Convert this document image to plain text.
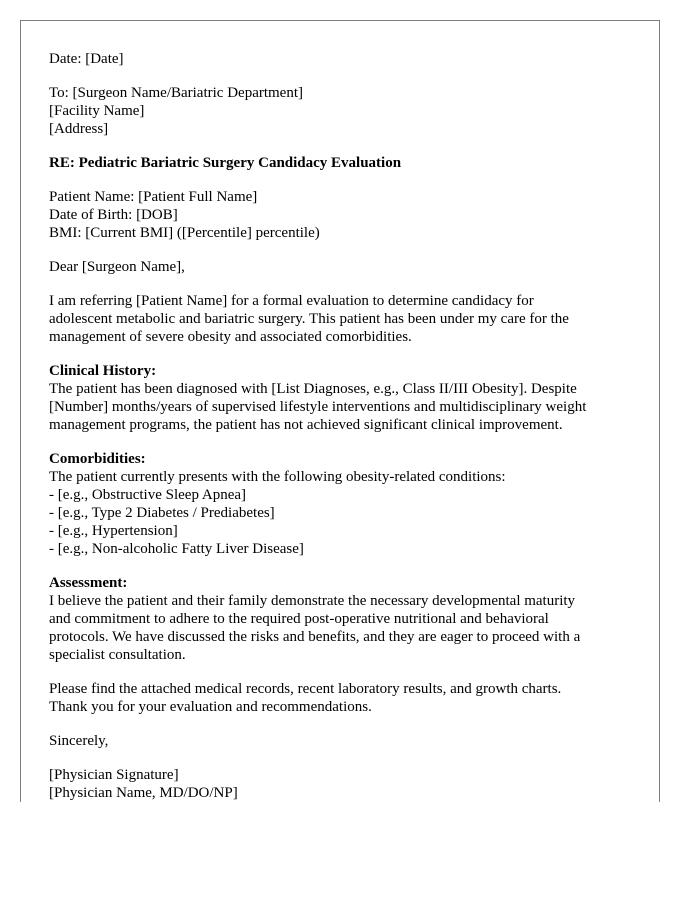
Date: [Date]
To: [Surgeon Name/Bariatric Department]
[Facility Name]
[Address]
RE: Pediatric Bariatric Surgery Candidacy Evaluation
Patient Name: [Patient Full Name]
Date of Birth: [DOB]
BMI: [Current BMI] ([Percentile] percentile)
Dear [Surgeon Name],
I am referring [Patient Name] for a formal evaluation to determine candidacy for
adolescent metabolic and bariatric surgery. This patient has been under my care for the
management of severe obesity and associated comorbidities.
Clinical History:
The patient has been diagnosed with [List Diagnoses, e.g., Class II/III Obesity]. Despite
[Number] months/years of supervised lifestyle interventions and multidisciplinary weight
management programs, the patient has not achieved significant clinical improvement.
Comorbidities:
The patient currently presents with the following obesity-related conditions:
- [e.g., Obstructive Sleep Apnea]
- [e.g., Type 2 Diabetes / Prediabetes]
- [e.g., Hypertension]
- [e.g., Non-alcoholic Fatty Liver Disease]
Assessment:
I believe the patient and their family demonstrate the necessary developmental maturity
and commitment to adhere to the required post-operative nutritional and behavioral
protocols. We have discussed the risks and benefits, and they are eager to proceed with a
specialist consultation.
Please find the attached medical records, recent laboratory results, and growth charts.
Thank you for your evaluation and recommendations.
Sincerely,
[Physician Signature]
[Physician Name, MD/DO/NP]
